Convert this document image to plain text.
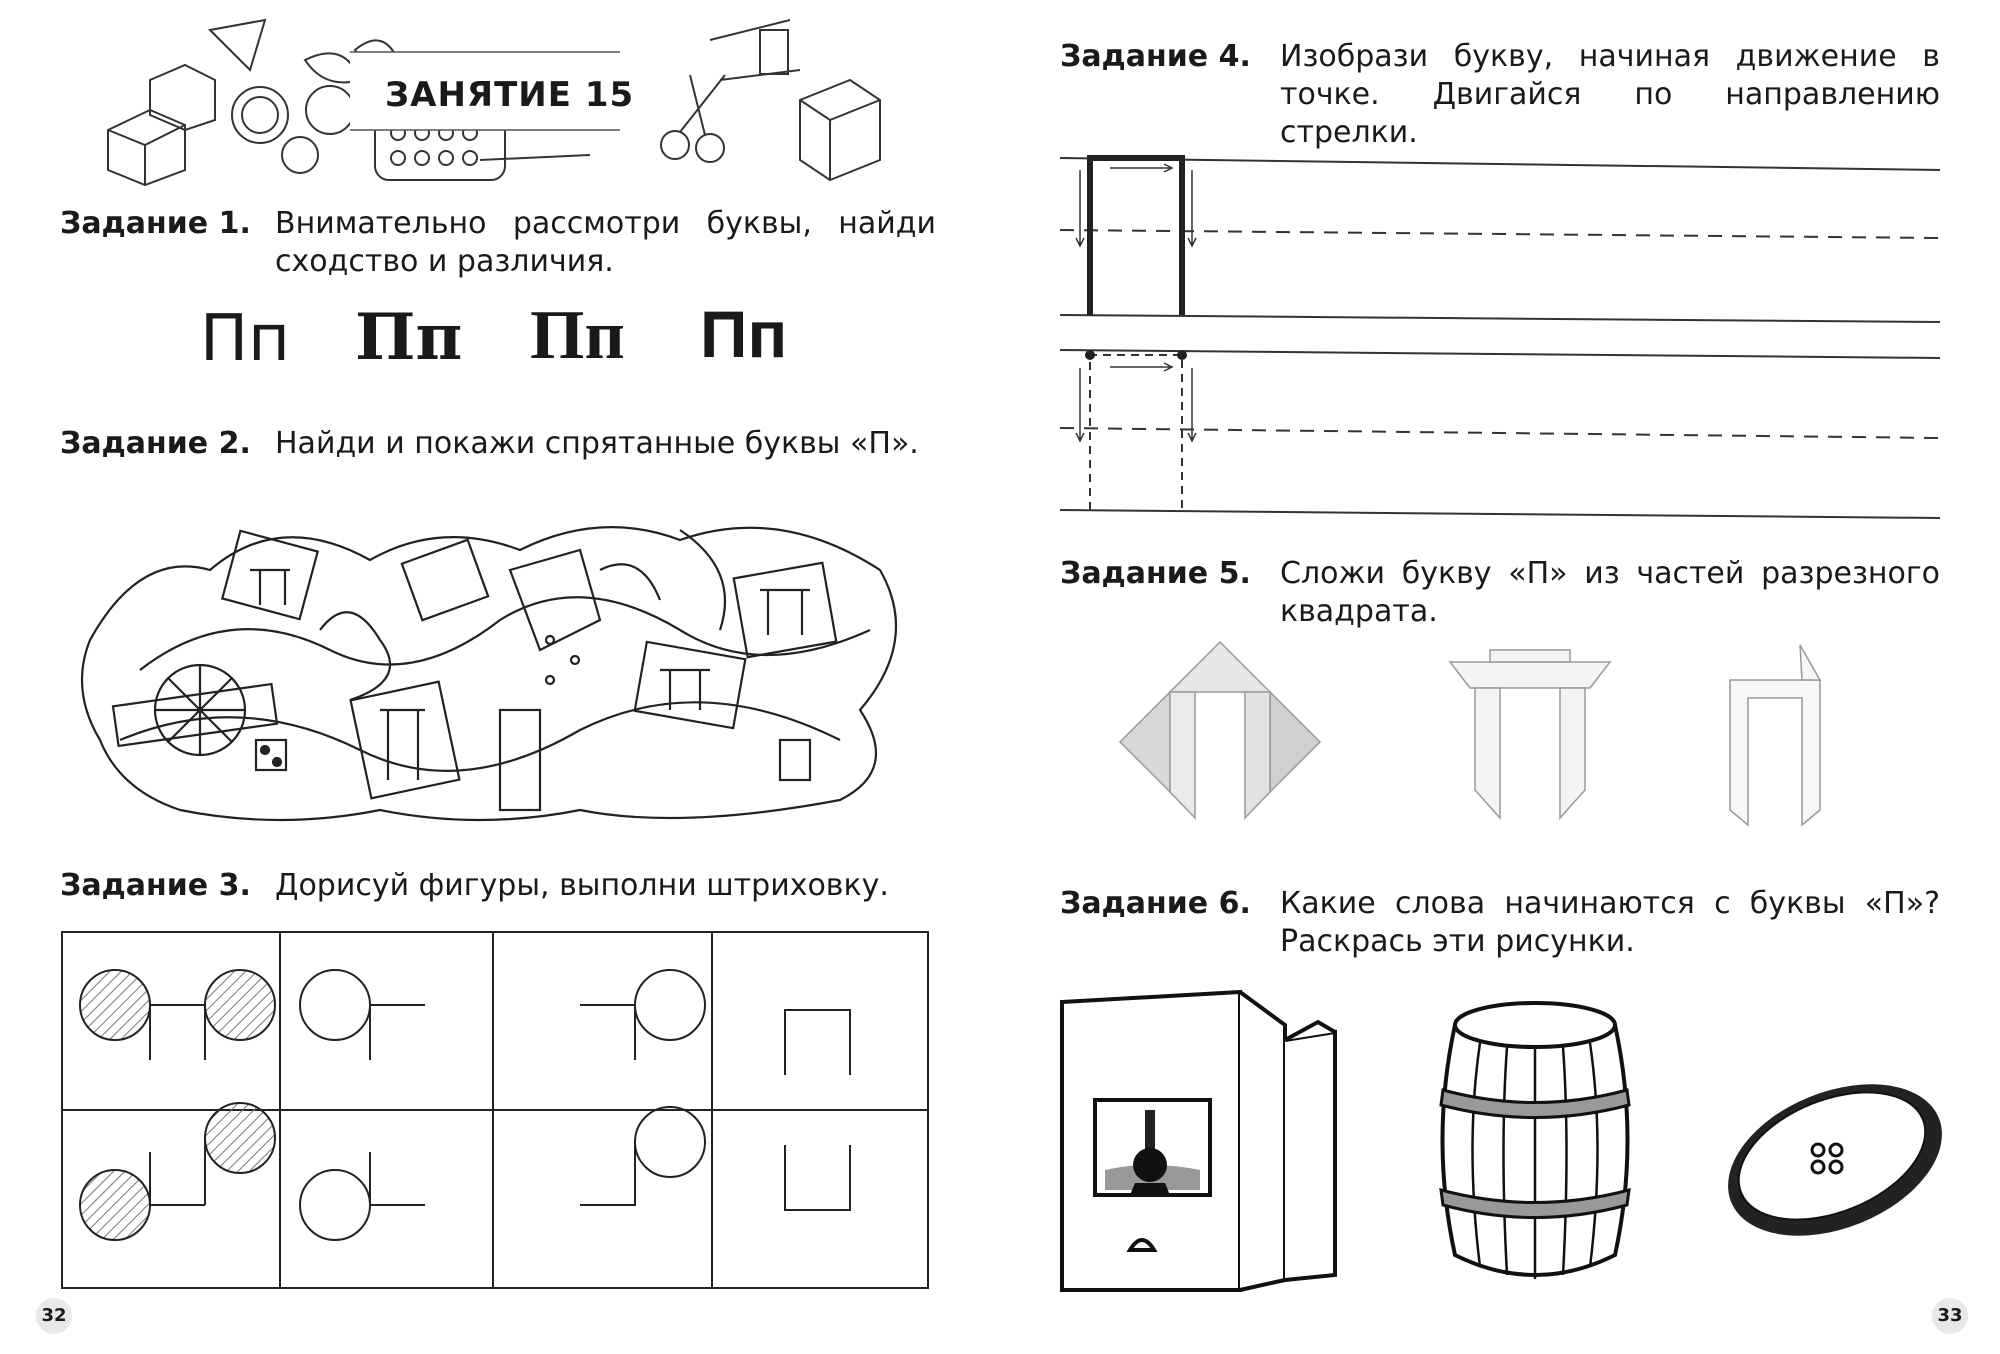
ЗАНЯТИЕ 15
Задание 1. Внимательно рассмотри буквы, найди сходство и различия.
Пп Пп Пп Пп
Задание 2. Найди и покажи спрятанные буквы «П».
Задание 3. Дорисуй фигуры, выполни штриховку.
32
Задание 4. Изобрази букву, начиная движение в точке. Двигайся по направлению стрелки.
Задание 5. Сложи букву «П» из частей разрезного квадрата.
Задание 6. Какие слова начинаются с буквы «П»? Раскрась эти рисунки.
33
